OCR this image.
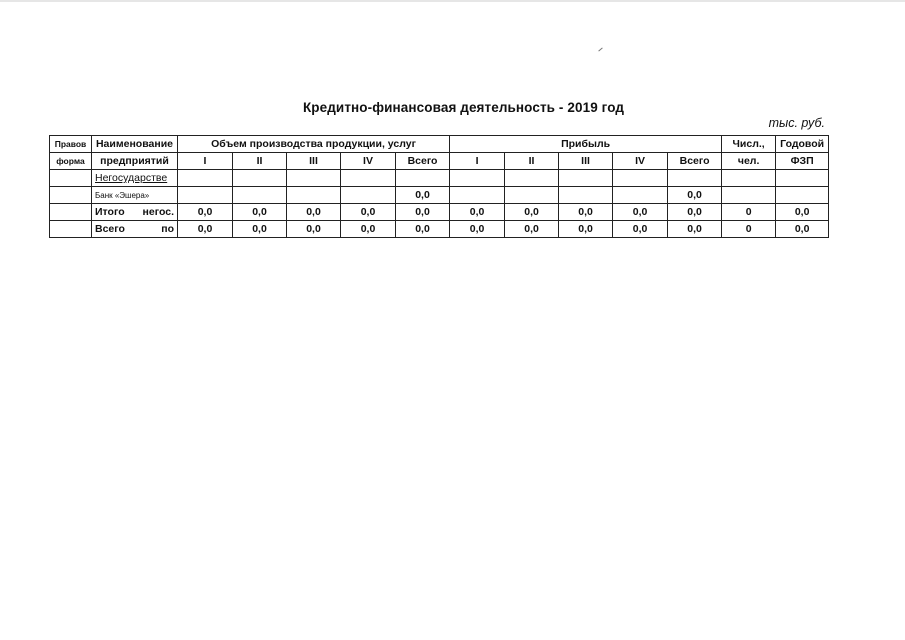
Кредитно-финансовая деятельность - 2019 год
тыс. руб.
Правов	Наименование	Объем производства продукции, услуг					Прибыль					Числ.,	Годовой
форма	предприятий	I	II	III	IV	Всего	I	II	III	IV	Всего	чел.	ФЗП
	Негосударстве												
	Банк «Эшера»					0,0					0,0		

	Итого негос.	0,0	0,0	0,0	0,0	0,0	0,0	0,0	0,0	0,0	0,0	0	0,0

	Всего по	0,0	0,0	0,0	0,0	0,0	0,0	0,0	0,0	0,0	0,0	0	0,0
